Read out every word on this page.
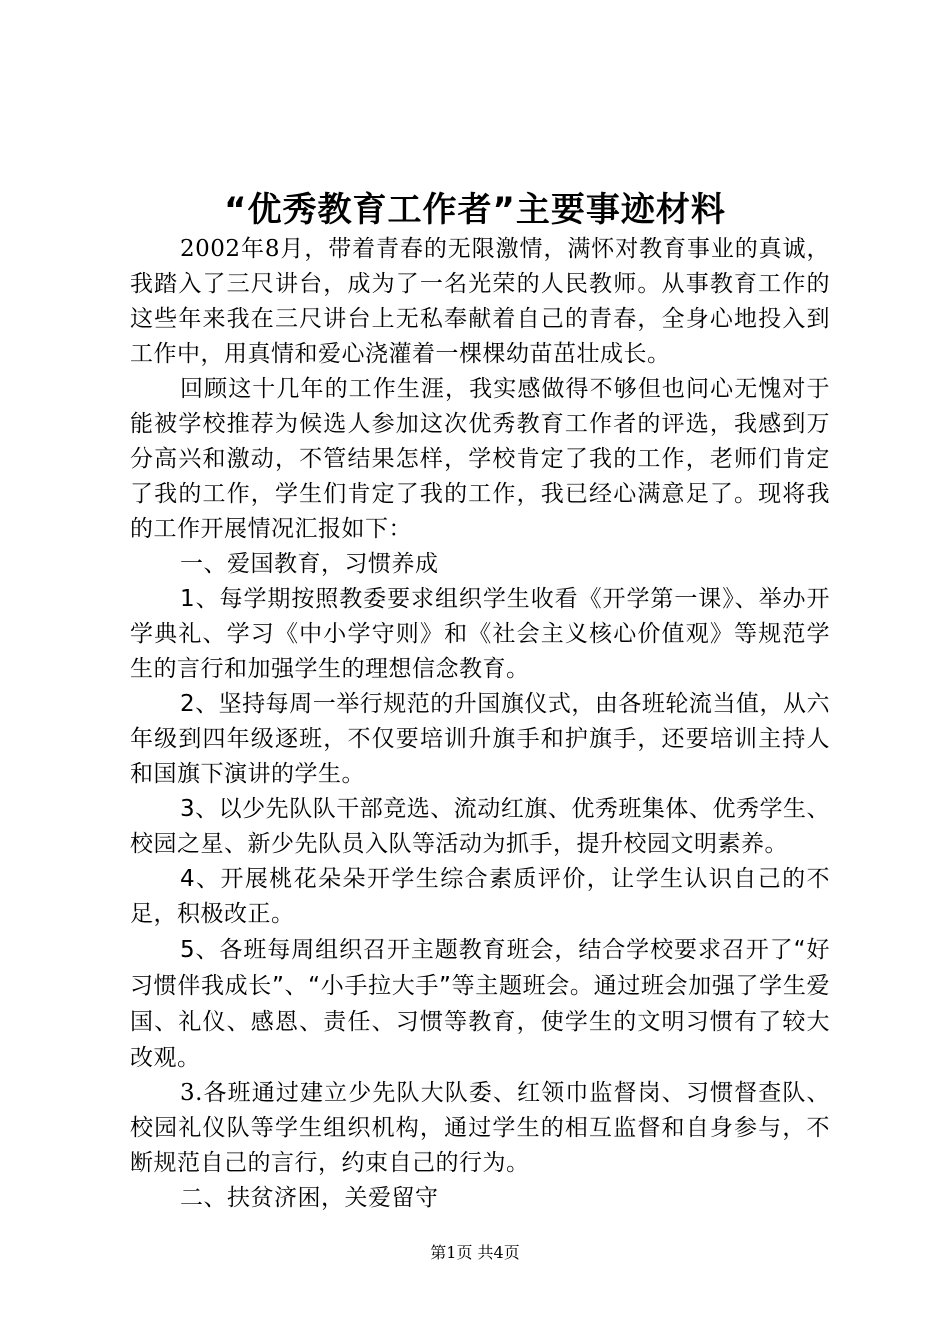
“优秀教育工作者”主要事迹材料

2002年8月，带着青春的无限激情，满怀对教育事业的真诚，我踏入了三尺讲台，成为了一名光荣的人民教师。从事教育工作的这些年来我在三尺讲台上无私奉献着自己的青春，全身心地投入到工作中，用真情和爱心浇灌着一棵棵幼苗茁壮成长。

回顾这十几年的工作生涯，我实感做得不够但也问心无愧对于能被学校推荐为候选人参加这次优秀教育工作者的评选，我感到万分高兴和激动，不管结果怎样，学校肯定了我的工作，老师们肯定了我的工作，学生们肯定了我的工作，我已经心满意足了。现将我的工作开展情况汇报如下：

一、爱国教育，习惯养成

1、每学期按照教委要求组织学生收看《开学第一课》、举办开学典礼、学习《中小学守则》和《社会主义核心价值观》等规范学生的言行和加强学生的理想信念教育。

2、坚持每周一举行规范的升国旗仪式，由各班轮流当值，从六年级到四年级逐班，不仅要培训升旗手和护旗手，还要培训主持人和国旗下演讲的学生。

3、以少先队队干部竞选、流动红旗、优秀班集体、优秀学生、校园之星、新少先队员入队等活动为抓手，提升校园文明素养。

4、开展桃花朵朵开学生综合素质评价，让学生认识自己的不足，积极改正。

5、各班每周组织召开主题教育班会，结合学校要求召开了“好习惯伴我成长”、“小手拉大手”等主题班会。通过班会加强了学生爱国、礼仪、感恩、责任、习惯等教育，使学生的文明习惯有了较大改观。

3.各班通过建立少先队大队委、红领巾监督岗、习惯督查队、校园礼仪队等学生组织机构，通过学生的相互监督和自身参与，不断规范自己的言行，约束自己的行为。

二、扶贫济困，关爱留守

第1页 共4页
